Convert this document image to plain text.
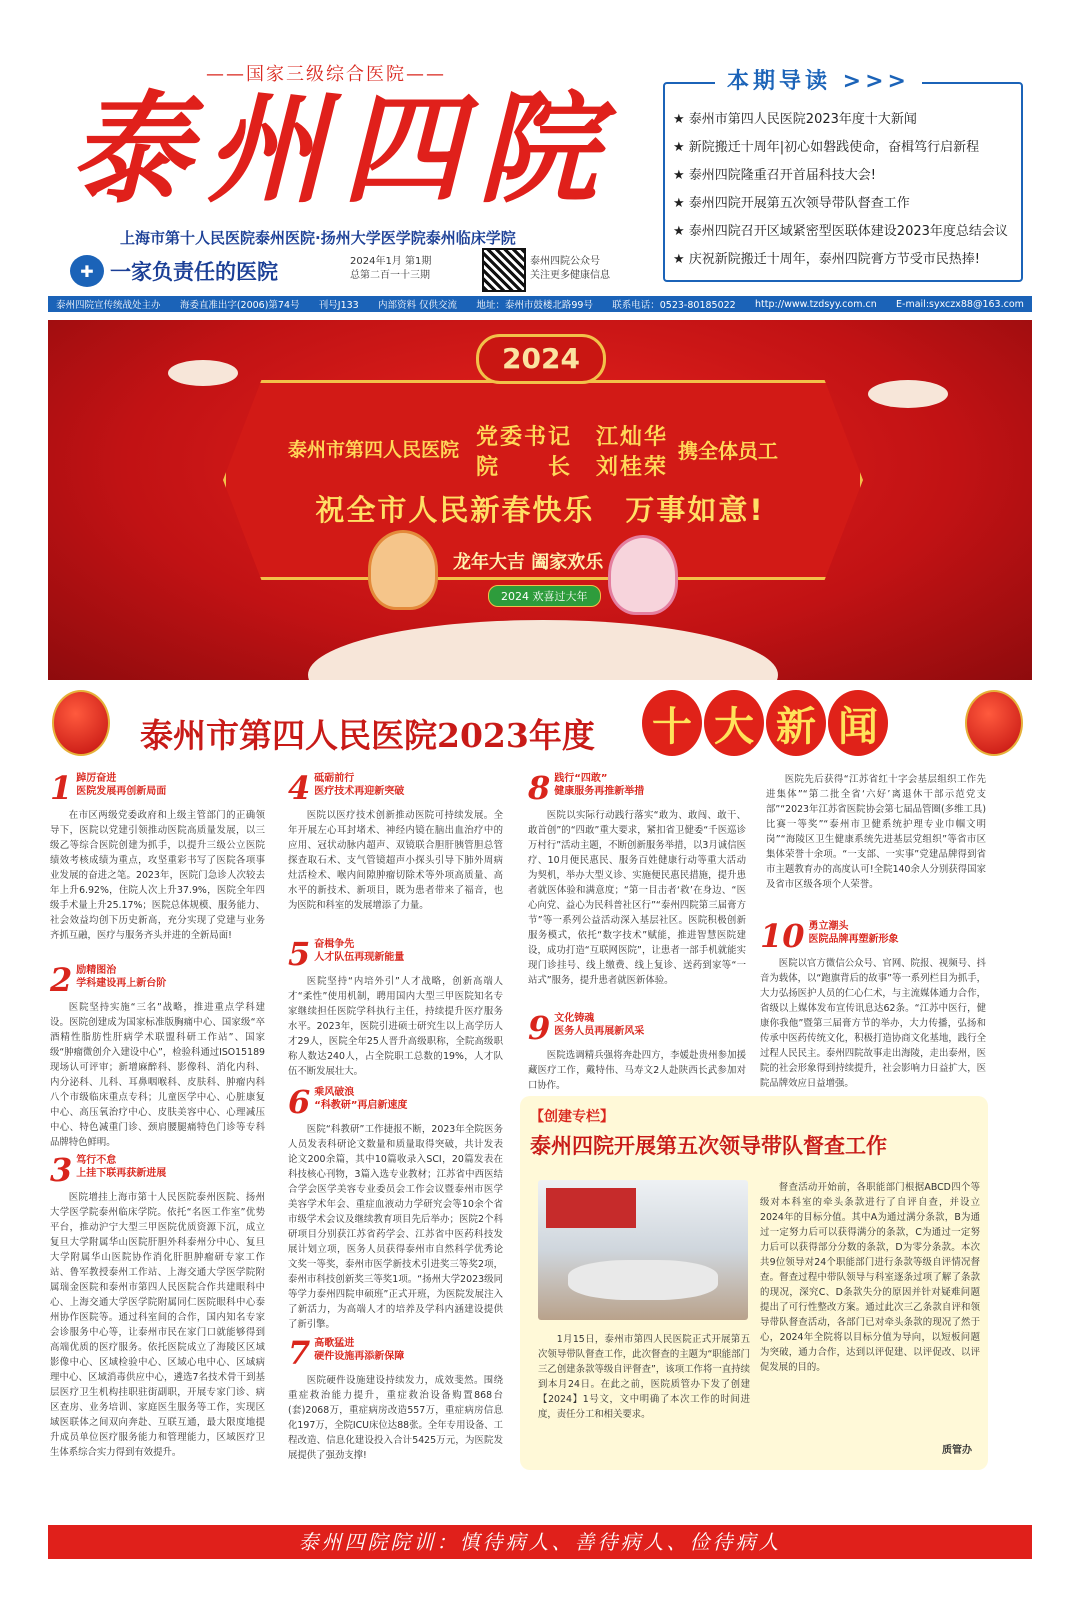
——国家三级综合医院——
泰州四院
上海市第十人民医院泰州医院·扬州大学医学院泰州临床学院
✚ 一家负责任的医院	2024年1月 第1期
总第二百一十三期
泰州四院公众号
关注更多健康信息
本期导读 >>>
★ 泰州市第四人民医院2023年度十大新闻
★ 新院搬迁十周年|初心如磐践使命，奋楫笃行启新程
★ 泰州四院隆重召开首届科技大会!
★ 泰州四院开展第五次领导带队督查工作
★ 泰州四院召开区域紧密型医联体建设2023年度总结会议
★ 庆祝新院搬迁十周年，泰州四院膏方节受市民热捧!
泰州四院宣传统战处主办 海委直准出字(2006)第74号 刊号J133 内部资料 仅供交流 地址：泰州市鼓楼北路99号 联系电话：0523-80185022 http://www.tzdsyy.com.cn E-mail:syxczx88@163.com
2024
泰州市第四人民医院 党委书记　江灿华
院　　长　刘桂荣
携全体员工
祝全市人民新春快乐　万事如意!
龙年大吉 阖家欢乐
2024 欢喜过大年
泰州市第四人民医院2023年度 十 大 新 闻
1 踔厉奋进
医院发展再创新局面

在市区两级党委政府和上级主管部门的正确领导下，医院以党建引领推动医院高质量发展，以三级乙等综合医院创建为抓手，以提升三级公立医院绩效考核成绩为重点，攻坚重彩书写了医院各项事业发展的奋进之笔。2023年，医院门急诊人次较去年上升6.92%，住院人次上升37.9%，医院全年四级手术量上升25.17%；医院总体规模、服务能力、社会效益均创下历史新高，充分实现了党建与业务齐抓互融，医疗与服务齐头并进的全新局面!

2 励精图治
学科建设再上新台阶

医院坚持实施“三名”战略，推进重点学科建设。医院创建成为国家标准版胸痛中心、国家级“卒酒精性脂肪性肝病学术联盟科研工作站”、国家级“肿瘤微创介入建设中心”，检验科通过ISO15189现场认可评审；新增麻醉科、影像科、消化内科、内分泌科、儿科、耳鼻咽喉科、皮肤科、肿瘤内科八个市级临床重点专科；儿童医学中心、心脏康复中心、高压氧治疗中心、皮肤美容中心、心理减压中心、特色减重门诊、颈肩腰腿痛特色门诊等专科品牌特色鲜明。

3 笃行不怠
上挂下联再获新进展

医院增挂上海市第十人民医院泰州医院、扬州大学医学院泰州临床学院。依托“名医工作室”优势平台，推动沪宁大型三甲医院优质资源下沉，成立复旦大学附属华山医院肝胆外科泰州分中心、复旦大学附属华山医院协作消化肝胆肿瘤研专家工作站、鲁军教授泰州工作站、上海交通大学医学院附属瑞金医院和泰州市第四人民医院合作共建眼科中心、上海交通大学医学院附属同仁医院眼科中心泰州协作医院等。通过科室间的合作，国内知名专家会诊服务中心等，让泰州市民在家门口就能够得到高端优质的医疗服务。依托医院成立了海陵区区域影像中心、区域检验中心、区域心电中心、区域病理中心、区域消毒供应中心，遴选7名技术骨干到基层医疗卫生机构挂职驻街副职，开展专家门诊、病区查房、业务培训、家庭医生服务等工作，实现区域医联体之间双向奔赴、互联互通，最大限度地提升成员单位医疗服务能力和管理能力，区域医疗卫生体系综合实力得到有效提升。

4 砥砺前行
医疗技术再迎新突破

医院以医疗技术创新推动医院可持续发展。全年开展左心耳封堵术、神经内镜在脑出血治疗中的应用、冠状动脉内超声、双镜联合胆肝胰管胆总管探查取石术、支气管镜超声小探头引导下肺外周病灶活检术、喉内间隙肿瘤切除术等外项高质量、高水平的新技术、新项目，既为患者带来了福音，也为医院和科室的发展增添了力量。

5 奋楫争先
人才队伍再现新能量

医院坚持“内培外引”人才战略，创新高端人才“柔性”使用机制，聘用国内大型三甲医院知名专家继续担任医院学科执行主任，持续提升医疗服务水平。2023年，医院引进硕士研究生以上高学历人才29人，医院全年25人晋升高级职称，全院高级职称人数达240人，占全院职工总数的19%，人才队伍不断发展壮大。

6 乘风破浪
“科教研”再启新速度

医院“科教研”工作捷报不断，2023年全院医务人员发表科研论文数量和质量取得突破，共计发表论文200余篇，其中10篇收录入SCI，20篇发表在科技核心刊物，3篇入选专业教材；江苏省中西医结合学会医学美容专业委员会工作会议暨泰州市医学美容学术年会、重症血液动力学研究会等10余个省市级学术会议及继续教育项目先后举办；医院2个科研项目分别获江苏省药学会、江苏省中医药科技发展计划立项，医务人员获得泰州市自然科学优秀论文奖一等奖，泰州市医学新技术引进奖三等奖2项，泰州市科技创新奖三等奖1项。“扬州大学2023级同等学力泰州四院申硕班”正式开班，为医院发展注入了新活力，为高端人才的培养及学科内涵建设提供了新引擎。

7 高歌猛进
硬件设施再添新保障

医院硬件设施建设持续发力，成效斐然。围绕重症救治能力提升，重症救治设备购置868台(套)2068万，重症病房改造557万，重症病房信息化197万，全院ICU床位达88张。全年专用设备、工程改造、信息化建设投入合计5425万元，为医院发展提供了强劲支撑!

8 践行“四敢”
健康服务再推新举措

医院以实际行动践行落实“敢为、敢闯、敢干、敢首创”的“四敢”重大要求，紧扣省卫健委“千医巡诊万村行”活动主题，不断创新服务举措，以3月诚信医疗、10月便民惠民、服务百姓健康行动等重大活动为契机，举办大型义诊、实施便民惠民措施，提升患者就医体验和满意度；“第一目击者‘救’在身边、“医心向党、益心为民科普社区行”“泰州四院第三届膏方节”等一系列公益活动深入基层社区。医院积极创新服务模式，依托“数字技术”赋能，推进智慧医院建设，成功打造“互联网医院”，让患者一部手机就能实现门诊挂号、线上缴费、线上复诊、送药到家等“一站式”服务，提升患者就医新体验。

9 文化铸魂
医务人员再展新风采

医院选调精兵强将奔赴四方，李媛赴贵州参加援藏医疗工作，戴特伟、马寿文2人赴陕西长武参加对口协作。

医院先后获得“江苏省红十字会基层组织工作先进集体”“第二批全省‘六好’离退休干部示范党支部”“2023年江苏省医院协会第七届品管圈(多维工具)比赛一等奖”“泰州市卫健系统护理专业巾帼文明岗”“海陵区卫生健康系统先进基层党组织”等省市区集体荣誉十余项。“一支部、一实事”党建品牌得到省市主题教育办的高度认可!全院140余人分别获得国家及省市区级各项个人荣誉。

10 勇立潮头
医院品牌再塑新形象

医院以官方微信公众号、官网、院报、视频号、抖音为载体，以“跑旗背后的故事”等一系列栏目为抓手，大力弘扬医护人员的仁心仁术，与主流媒体通力合作，省级以上媒体发布宣传讯息达62条。“江苏中医行，健康你我他”暨第三届膏方节的举办，大力传播，弘扬和传承中医药传统文化，积极打造协商文化基地，践行全过程人民民主。泰州四院故事走出海陵，走出泰州，医院的社会形象得到持续提升，社会影响力日益扩大，医院品牌效应日益增强。

【创建专栏】
泰州四院开展第五次领导带队督查工作

督查活动开始前，各职能部门根据ABCD四个等级对本科室的牵头条款进行了自评自查，并设立2024年的目标分值。其中A为通过满分条款，B为通过一定努力后可以获得满分的条款，C为通过一定努力后可以获得部分分数的条款，D为零分条款。本次共9位领导对24个职能部门进行条款等级自评情况督查。督查过程中带队领导与科室逐条过项了解了条款的现况，深究C、D条款失分的原因并针对疑难问题提出了可行性整改方案。通过此次三乙条款自评和领导带队督查活动，各部门已对牵头条款的现况了然于心，2024年全院将以目标分值为导向，以短板问题为突破，通力合作，达到以评促建、以评促改、以评促发展的目的。

1月15日，泰州市第四人民医院正式开展第五次领导带队督查工作，此次督查的主题为“职能部门三乙创建条款等级自评督查”，该项工作将一直持续到本月24日。在此之前，医院质管办下发了创建【2024】1号文，文中明确了本次工作的时间进度，责任分工和相关要求。

质管办
泰州四院院训：慎待病人、善待病人、俭待病人
